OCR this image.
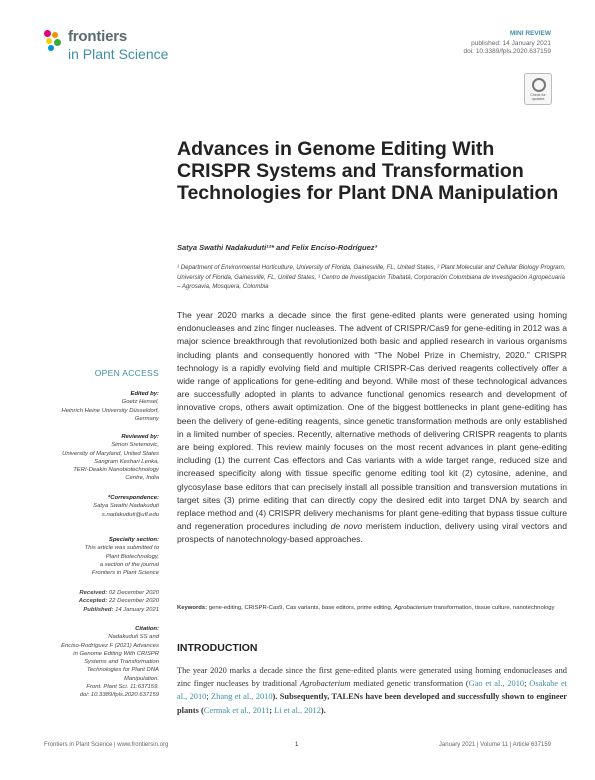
frontiers
in Plant Science
MINI REVIEW
published: 14 January 2021
doi: 10.3389/fpls.2020.637159
Check for updates
Advances in Genome Editing With CRISPR Systems and Transformation Technologies for Plant DNA Manipulation
Satya Swathi Nadakuduti¹²* and Felix Enciso-Rodríguez³
¹ Department of Environmental Horticulture, University of Florida, Gainesville, FL, United States, ² Plant Molecular and Cellular Biology Program, University of Florida, Gainesville, FL, United States, ³ Centro de Investigación Tibaitatá, Corporación Colombiana de Investigación Agropecuaria – Agrosavia, Mosquera, Colombia

The year 2020 marks a decade since the first gene-edited plants were generated using homing endonucleases and zinc finger nucleases. The advent of CRISPR/Cas9 for gene-editing in 2012 was a major science breakthrough that revolutionized both basic and applied research in various organisms including plants and consequently honored with “The Nobel Prize in Chemistry, 2020.” CRISPR technology is a rapidly evolving field and multiple CRISPR-Cas derived reagents collectively offer a wide range of applications for gene-editing and beyond. While most of these technological advances are successfully adopted in plants to advance functional genomics research and development of innovative crops, others await optimization. One of the biggest bottlenecks in plant gene-editing has been the delivery of gene-editing reagents, since genetic transformation methods are only established in a limited number of species. Recently, alternative methods of delivering CRISPR reagents to plants are being explored. This review mainly focuses on the most recent advances in plant gene-editing including (1) the current Cas effectors and Cas variants with a wide target range, reduced size and increased specificity along with tissue specific genome editing tool kit (2) cytosine, adenine, and glycosylase base editors that can precisely install all possible transition and transversion mutations in target sites (3) prime editing that can directly copy the desired edit into target DNA by search and replace method and (4) CRISPR delivery mechanisms for plant gene-editing that bypass tissue culture and regeneration procedures including de novo meristem induction, delivery using viral vectors and prospects of nanotechnology-based approaches.

Keywords: gene-editing, CRISPR-Cas9, Cas variants, base editors, prime editing, Agrobacterium transformation, tissue culture, nanotechnology
INTRODUCTION

The year 2020 marks a decade since the first gene-edited plants were generated using homing endonucleases and zinc finger nucleases by traditional Agrobacterium mediated genetic transformation (Gao et al., 2010; Osakabe et al., 2010; Zhang et al., 2010). Subsequently, TALENs have been developed and successfully shown to engineer plants (Cermak et al., 2011; Li et al., 2012).

OPEN ACCESS
Edited by:
Goetz Hensel,
Heinrich Heine University Düsseldorf,
Germany
Reviewed by:
Simon Sretenovic,
University of Maryland, United States
Sangram Keshari Lenka,
TERI-Deakin Nanobiotechnology
Centre, India
*Correspondence:
Satya Swathi Nadakuduti
s.nadakuduti@ufl.edu
Specialty section:
This article was submitted to
Plant Biotechnology,
a section of the journal
Frontiers in Plant Science
Received: 02 December 2020
Accepted: 22 December 2020
Published: 14 January 2021
Citation:
Nadakuduti SS and
Enciso-Rodríguez F (2021) Advances
in Genome Editing With CRISPR
Systems and Transformation
Technologies for Plant DNA
Manipulation.
Front. Plant Sci. 11:637159.
doi: 10.3389/fpls.2020.637159
Frontiers in Plant Science | www.frontiersin.org	1	January 2021 | Volume 11 | Article 637159
